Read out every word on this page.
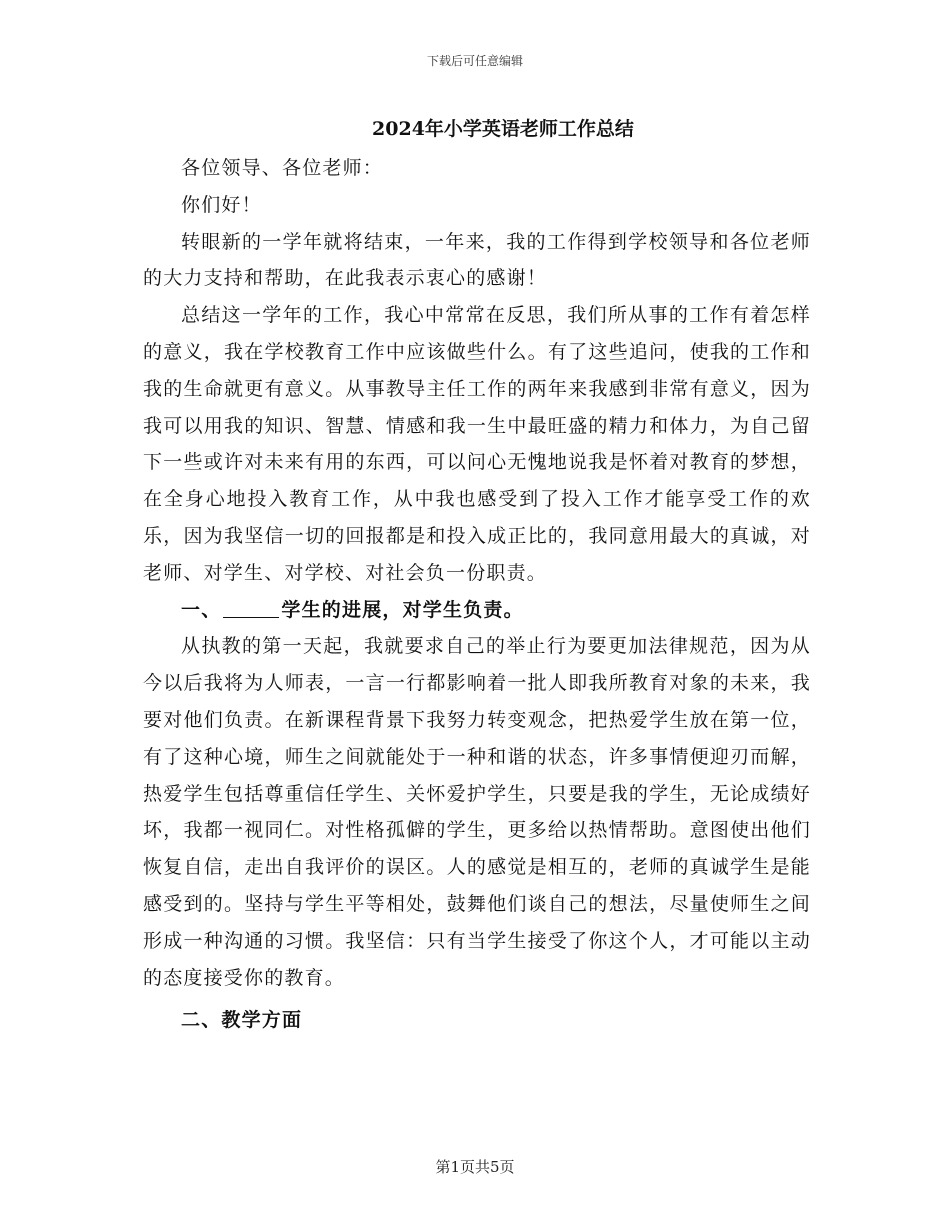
下载后可任意编辑
2024年小学英语老师工作总结

各位领导、各位老师：

你们好！

转眼新的一学年就将结束，一年来，我的工作得到学校领导和各位老师的大力支持和帮助，在此我表示衷心的感谢！

总结这一学年的工作，我心中常常在反思，我们所从事的工作有着怎样的意义，我在学校教育工作中应该做些什么。有了这些追问，使我的工作和我的生命就更有意义。从事教导主任工作的两年来我感到非常有意义，因为我可以用我的知识、智慧、情感和我一生中最旺盛的精力和体力，为自己留下一些或许对未来有用的东西，可以问心无愧地说我是怀着对教育的梦想，在全身心地投入教育工作，从中我也感受到了投入工作才能享受工作的欢乐，因为我坚信一切的回报都是和投入成正比的，我同意用最大的真诚，对老师、对学生、对学校、对社会负一份职责。

一、	学生的进展，对学生负责。

从执教的第一天起，我就要求自己的举止行为要更加法律规范，因为从今以后我将为人师表，一言一行都影响着一批人即我所教育对象的未来，我要对他们负责。在新课程背景下我努力转变观念，把热爱学生放在第一位，有了这种心境，师生之间就能处于一种和谐的状态，许多事情便迎刃而解，热爱学生包括尊重信任学生、关怀爱护学生，只要是我的学生，无论成绩好坏，我都一视同仁。对性格孤僻的学生，更多给以热情帮助。意图使出他们恢复自信，走出自我评价的误区。人的感觉是相互的，老师的真诚学生是能感受到的。坚持与学生平等相处，鼓舞他们谈自己的想法，尽量使师生之间形成一种沟通的习惯。我坚信：只有当学生接受了你这个人，才可能以主动的态度接受你的教育。

二、教学方面

第1页共5页
